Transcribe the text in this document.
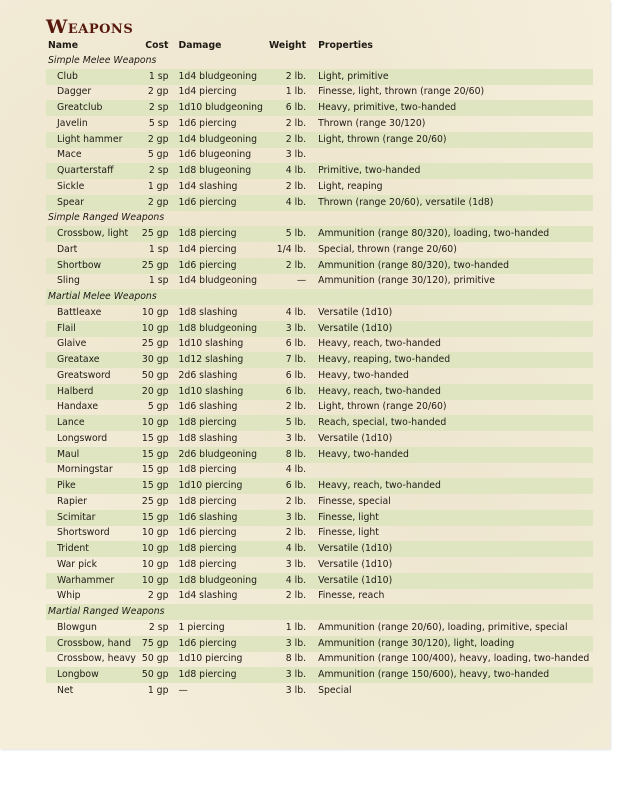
Weapons
Name	Cost	Damage	Weight	Properties
Simple Melee Weapons				
Club	1 sp	1d4 bludgeoning	2 lb.	Light, primitive
Dagger	2 gp	1d4 piercing	1 lb.	Finesse, light, thrown (range 20/60)
Greatclub	2 sp	1d10 bludgeoning	6 lb.	Heavy, primitive, two-handed
Javelin	5 sp	1d6 piercing	2 lb.	Thrown (range 30/120)
Light hammer	2 gp	1d4 bludgeoning	2 lb.	Light, thrown (range 20/60)
Mace	5 gp	1d6 blugeoning	3 lb.	
Quarterstaff	2 sp	1d8 blugeoning	4 lb.	Primitive, two-handed
Sickle	1 gp	1d4 slashing	2 lb.	Light, reaping
Spear	2 gp	1d6 piercing	4 lb.	Thrown (range 20/60), versatile (1d8)
Simple Ranged Weapons				
Crossbow, light	25 gp	1d8 piercing	5 lb.	Ammunition (range 80/320), loading, two-handed
Dart	1 sp	1d4 piercing	1/4 lb.	Special, thrown (range 20/60)
Shortbow	25 gp	1d6 piercing	2 lb.	Ammunition (range 80/320), two-handed
Sling	1 sp	1d4 bludgeoning	—	Ammunition (range 30/120), primitive
Martial Melee Weapons				
Battleaxe	10 gp	1d8 slashing	4 lb.	Versatile (1d10)
Flail	10 gp	1d8 bludgeoning	3 lb.	Versatile (1d10)
Glaive	25 gp	1d10 slashing	6 lb.	Heavy, reach, two-handed
Greataxe	30 gp	1d12 slashing	7 lb.	Heavy, reaping, two-handed
Greatsword	50 gp	2d6 slashing	6 lb.	Heavy, two-handed
Halberd	20 gp	1d10 slashing	6 lb.	Heavy, reach, two-handed
Handaxe	5 gp	1d6 slashing	2 lb.	Light, thrown (range 20/60)
Lance	10 gp	1d8 piercing	5 lb.	Reach, special, two-handed
Longsword	15 gp	1d8 slashing	3 lb.	Versatile (1d10)
Maul	15 gp	2d6 bludgeoning	8 lb.	Heavy, two-handed
Morningstar	15 gp	1d8 piercing	4 lb.	
Pike	15 gp	1d10 piercing	6 lb.	Heavy, reach, two-handed
Rapier	25 gp	1d8 piercing	2 lb.	Finesse, special
Scimitar	15 gp	1d6 slashing	3 lb.	Finesse, light
Shortsword	10 gp	1d6 piercing	2 lb.	Finesse, light
Trident	10 gp	1d8 piercing	4 lb.	Versatile (1d10)
War pick	10 gp	1d8 piercing	3 lb.	Versatile (1d10)
Warhammer	10 gp	1d8 bludgeoning	4 lb.	Versatile (1d10)
Whip	2 gp	1d4 slashing	2 lb.	Finesse, reach
Martial Ranged Weapons				
Blowgun	2 sp	1 piercing	1 lb.	Ammunition (range 20/60), loading, primitive, special
Crossbow, hand	75 gp	1d6 piercing	3 lb.	Ammunition (range 30/120), light, loading
Crossbow, heavy	50 gp	1d10 piercing	8 lb.	Ammunition (range 100/400), heavy, loading, two-handed
Longbow	50 gp	1d8 piercing	3 lb.	Ammunition (range 150/600), heavy, two-handed
Net	1 gp	—	3 lb.	Special
